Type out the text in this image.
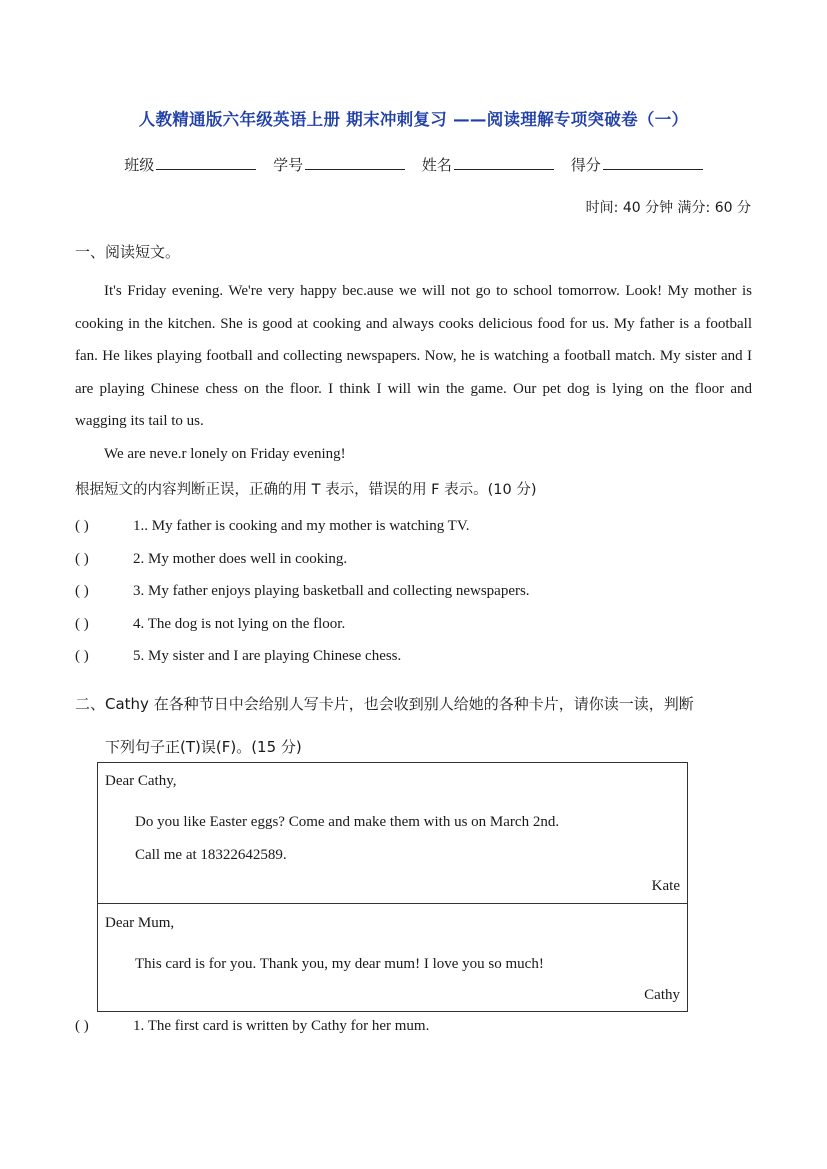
人教精通版六年级英语上册 期末冲刺复习 ——阅读理解专项突破卷（一）
班级	学号	姓名	得分
时间: 40 分钟 满分: 60 分
一、阅读短文。

It's Friday evening. We're very happy bec.ause we will not go to school tomorrow. Look! My mother is cooking in the kitchen. She is good at cooking and always cooks delicious food for us. My father is a football fan. He likes playing football and collecting newspapers. Now, he is watching a football match. My sister and I are playing Chinese chess on the floor. I think I will win the game. Our pet dog is lying on the floor and wagging its tail to us.

We are neve.r lonely on Friday evening!

根据短文的内容判断正误，正确的用 T 表示，错误的用 F 表示。(10 分)
( )	1.. My father is cooking and my mother is watching TV.
( )	2. My mother does well in cooking.
( )	3. My father enjoys playing basketball and collecting newspapers.
( )	4. The dog is not lying on the floor.
( )	5. My sister and I are playing Chinese chess.
二、Cathy 在各种节日中会给别人写卡片，也会收到别人给她的各种卡片，请你读一读，判断
下列句子正(T)误(F)。(15 分)
Dear Cathy,
Do you like Easter eggs? Come and make them with us on March 2nd.
Call me at 18322642589.
Kate
Dear Mum,
This card is for you. Thank you, my dear mum! I love you so much!
Cathy
( )	1. The first card is written by Cathy for her mum.
